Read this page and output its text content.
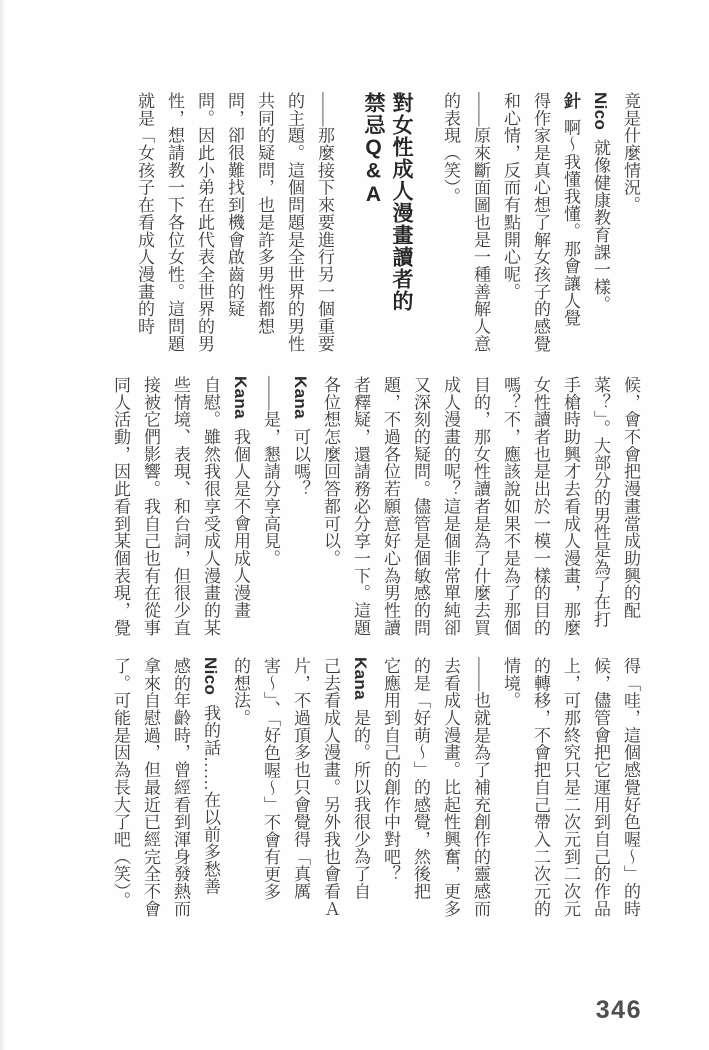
竟是什麼情況。

Nico就像健康教育課一樣。

針啊～我懂我懂。那會讓人覺

得作家是真心想了解女孩子的感覺

和心情，反而有點開心呢。

——原來斷面圖也是一種善解人意

的表現（笑）。

對女性成人漫畫讀者的

禁忌Q&A

——那麼接下來要進行另一個重要

的主題。這個問題是全世界的男性

共同的疑問，也是許多男性都想

問，卻很難找到機會啟齒的疑

問。因此小弟在此代表全世界的男

性，想請教一下各位女性。這問題

就是「女孩子在看成人漫畫的時

候，會不會把漫畫當成助興的配

菜？」。大部分的男性是為了在打

手槍時助興才去看成人漫畫，那麼

女性讀者也是出於一模一樣的目的

嗎？不，應該說如果不是為了那個

目的，那女性讀者是為了什麼去買

成人漫畫的呢？這是個非常單純卻

又深刻的疑問。儘管是個敏感的問

題，不過各位若願意好心為男性讀

者釋疑，還請務必分享一下。這題

各位想怎麼回答都可以。

Kana可以嗎？

——是，懇請分享高見。

Kana我個人是不會用成人漫畫

自慰。雖然我很享受成人漫畫的某

些情境、表現、和台詞，但很少直

接被它們影響。我自己也有在從事

同人活動，因此看到某個表現，覺

得「哇，這個感覺好色喔～」的時

候，儘管會把它運用到自己的作品

上，可那終究只是二次元到二次元

的轉移，不會把自己帶入二次元的

情境。

——也就是為了補充創作的靈感而

去看成人漫畫。比起性興奮，更多

的是「好萌～」的感覺，然後把

它應用到自己的創作中對吧？

Kana是的。所以我很少為了自

己去看成人漫畫。另外我也會看Ａ

片，不過頂多也只會覺得「真厲

害～」、「好色喔～」不會有更多

的想法。

Nico我的話……在以前多愁善

感的年齡時，曾經看到渾身發熱而

拿來自慰過，但最近已經完全不會

了。可能是因為長大了吧（笑）。

346
